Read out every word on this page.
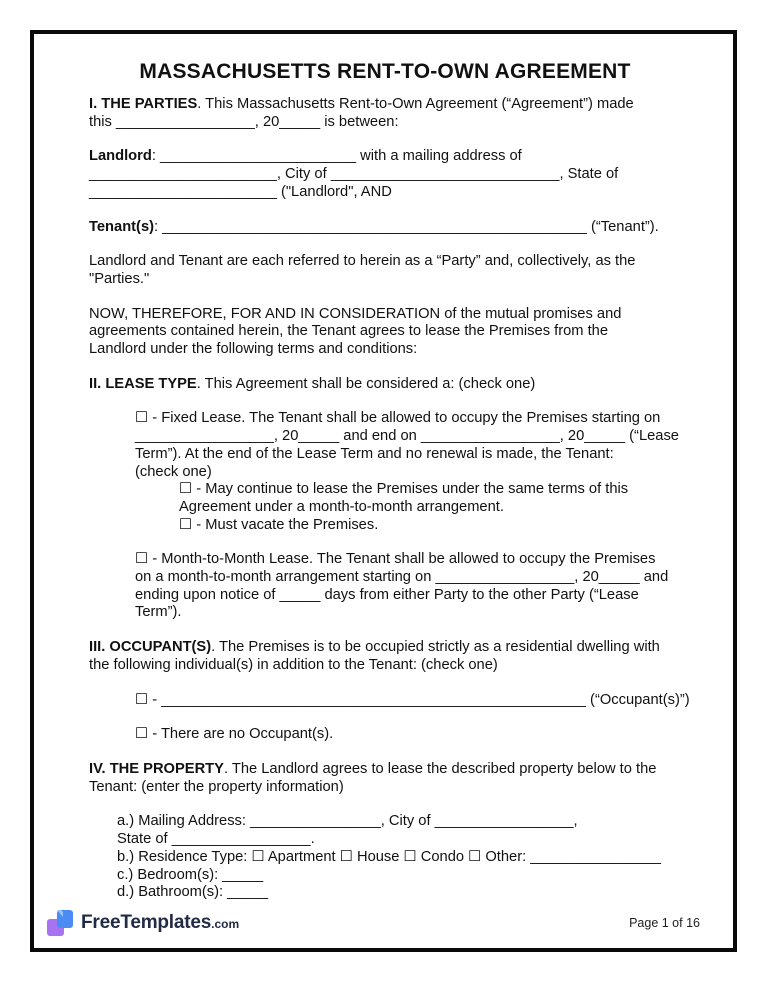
MASSACHUSETTS RENT-TO-OWN AGREEMENT
I. THE PARTIES. This Massachusetts Rent-to-Own Agreement (“Agreement”) made
this _________________, 20_____ is between:
Landlord: ________________________ with a mailing address of
_______________________, City of ____________________________, State of
_______________________ ("Landlord", AND
Tenant(s): ____________________________________________________ (“Tenant”).
Landlord and Tenant are each referred to herein as a “Party” and, collectively, as the
"Parties."
NOW, THEREFORE, FOR AND IN CONSIDERATION of the mutual promises and
agreements contained herein, the Tenant agrees to lease the Premises from the
Landlord under the following terms and conditions:
II. LEASE TYPE. This Agreement shall be considered a: (check one)
☐ - Fixed Lease. The Tenant shall be allowed to occupy the Premises starting on
_________________, 20_____ and end on _________________, 20_____ (“Lease
Term”). At the end of the Lease Term and no renewal is made, the Tenant:
(check one)
☐ - May continue to lease the Premises under the same terms of this
Agreement under a month-to-month arrangement.
☐ - Must vacate the Premises.
☐ - Month-to-Month Lease. The Tenant shall be allowed to occupy the Premises
on a month-to-month arrangement starting on _________________, 20_____ and
ending upon notice of _____ days from either Party to the other Party (“Lease
Term”).
III. OCCUPANT(S). The Premises is to be occupied strictly as a residential dwelling with
the following individual(s) in addition to the Tenant: (check one)
☐ - ____________________________________________________ (“Occupant(s)”)
☐ - There are no Occupant(s).
IV. THE PROPERTY. The Landlord agrees to lease the described property below to the
Tenant: (enter the property information)
a.) Mailing Address: ________________, City of _________________,
State of _________________.
b.) Residence Type: ☐ Apartment ☐ House ☐ Condo ☐ Other: ________________
c.) Bedroom(s): _____
d.) Bathroom(s): _____
FreeTemplates.com	Page 1 of 16
